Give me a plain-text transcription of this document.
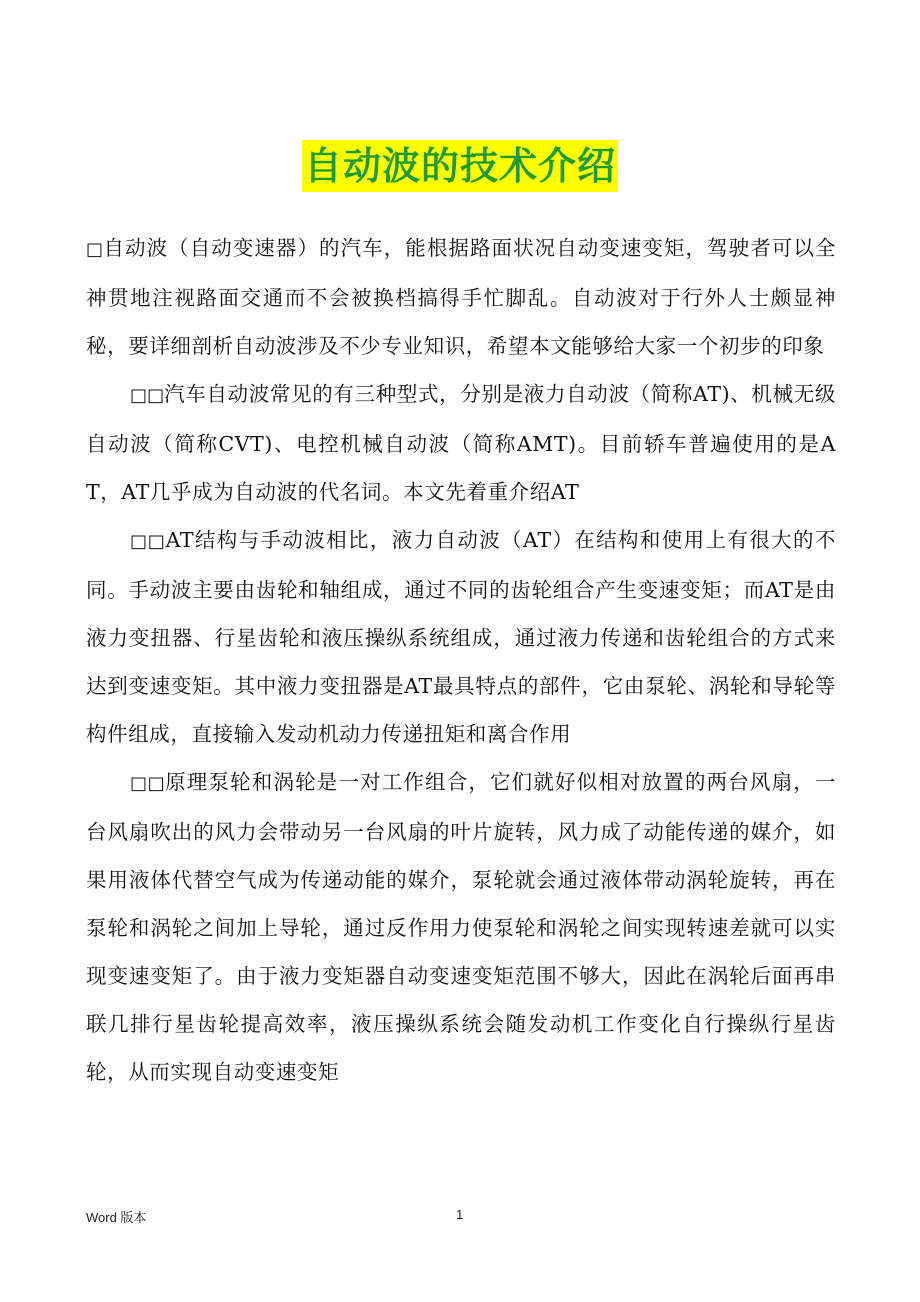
自动波的技术介绍

□自动波（自动变速器）的汽车，能根据路面状况自动变速变矩，驾驶者可以全神贯地注视路面交通而不会被换档搞得手忙脚乱。自动波对于行外人士颇显神秘，要详细剖析自动波涉及不少专业知识，希望本文能够给大家一个初步的印象

□□汽车自动波常见的有三种型式，分别是液力自动波（简称AT)、机械无级自动波（简称CVT)、电控机械自动波（简称AMT)。目前轿车普遍使用的是AT，AT几乎成为自动波的代名词。本文先着重介绍AT

□□AT结构与手动波相比，液力自动波（AT）在结构和使用上有很大的不同。手动波主要由齿轮和轴组成，通过不同的齿轮组合产生变速变矩；而AT是由液力变扭器、行星齿轮和液压操纵系统组成，通过液力传递和齿轮组合的方式来达到变速变矩。其中液力变扭器是AT最具特点的部件，它由泵轮、涡轮和导轮等构件组成，直接输入发动机动力传递扭矩和离合作用

□□原理泵轮和涡轮是一对工作组合，它们就好似相对放置的两台风扇，一台风扇吹出的风力会带动另一台风扇的叶片旋转，风力成了动能传递的媒介，如果用液体代替空气成为传递动能的媒介，泵轮就会通过液体带动涡轮旋转，再在泵轮和涡轮之间加上导轮，通过反作用力使泵轮和涡轮之间实现转速差就可以实现变速变矩了。由于液力变矩器自动变速变矩范围不够大，因此在涡轮后面再串联几排行星齿轮提高效率，液压操纵系统会随发动机工作变化自行操纵行星齿轮，从而实现自动变速变矩

Word 版本	1
